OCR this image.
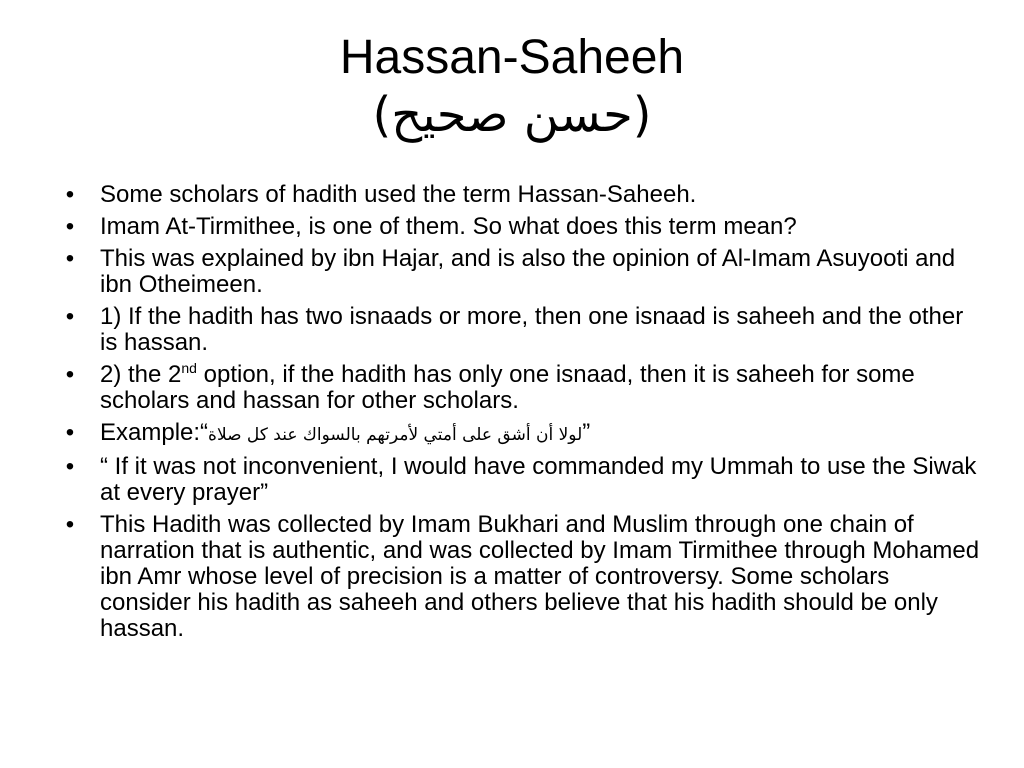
Hassan-Saheeh
(حسن صحيح)
• Some scholars of hadith used the term Hassan-Saheeh.
• Imam At-Tirmithee, is one of them. So what does this term mean?
• This was explained by ibn Hajar, and is also the opinion of Al-Imam Asuyooti and ibn Otheimeen.
• 1) If the hadith has two isnaads or more, then one isnaad is saheeh and the other is hassan.
• 2) the 2nd option, if the hadith has only one isnaad, then it is saheeh for some scholars and hassan for other scholars.
• Example:“لولا أن أشق على أمتي لأمرتهم بالسواك عند كل صلاة”
• “ If it was not inconvenient, I would have commanded my Ummah to use the Siwak at every prayer”
• This Hadith was collected by Imam Bukhari and Muslim through one chain of narration that is authentic, and was collected by Imam Tirmithee through Mohamed ibn Amr whose level of precision is a matter of controversy. Some scholars consider his hadith as saheeh and others believe that his hadith should be only hassan.
